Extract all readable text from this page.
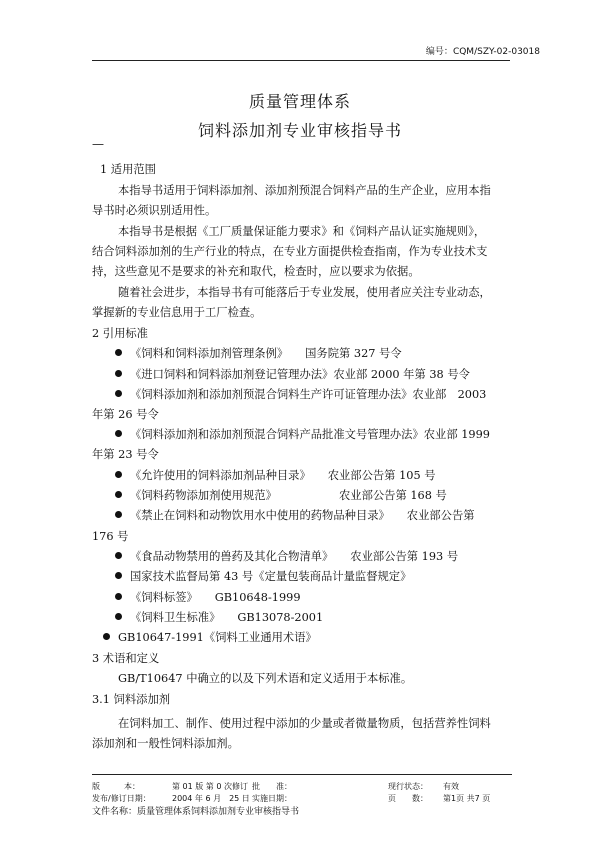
编号：CQM/SZY-02-03018
质量管理体系
饲料添加剂专业审核指导书
—
1 适用范围
本指导书适用于饲料添加剂、添加剂预混合饲料产品的生产企业，应用本指
导书时必须识别适用性。
本指导书是根据《工厂质量保证能力要求》和《饲料产品认证实施规则》，
结合饲料添加剂的生产行业的特点，在专业方面提供检查指南，作为专业技术支
持，这些意见不是要求的补充和取代，检查时，应以要求为依据。
随着社会进步，本指导书有可能落后于专业发展，使用者应关注专业动态，
掌握新的专业信息用于工厂检查。
2 引用标准
《饲料和饲料添加剂管理条例》　　国务院第 327 号令
《进口饲料和饲料添加剂登记管理办法》农业部 2000 年第 38 号令
《饲料添加剂和添加剂预混合饲料生产许可证管理办法》农业部　2003
年第 26 号令
《饲料添加剂和添加剂预混合饲料产品批准文号管理办法》农业部 1999
年第 23 号令
《允许使用的饲料添加剂品种目录》　　农业部公告第 105 号
《饲料药物添加剂使用规范》　　　　　　农业部公告第 168 号
《禁止在饲料和动物饮用水中使用的药物品种目录》　　农业部公告第
176 号
《食品动物禁用的兽药及其化合物清单》　　农业部公告第 193 号
国家技术监督局第 43 号《定量包装商品计量监督规定》
《饲料标签》　　GB10648-1999
《饲料卫生标准》　　GB13078-2001
GB10647-1991《饲料工业通用术语》
3 术语和定义
GB/T10647 中确立的以及下列术语和定义适用于本标准。
3.1 饲料添加剂
在饲料加工、制作、使用过程中添加的少量或者微量物质，包括营养性饲料
添加剂和一般性饲料添加剂。
版　　　本：	第 01 版 第 0 次修订 批　　准：	现行状态： 有效
发布/修订日期：	2004 年 6 月　25 日 实施日期：	页　　数： 第1页 共7 页
文件名称：质量管理体系饲料添加剂专业审核指导书
